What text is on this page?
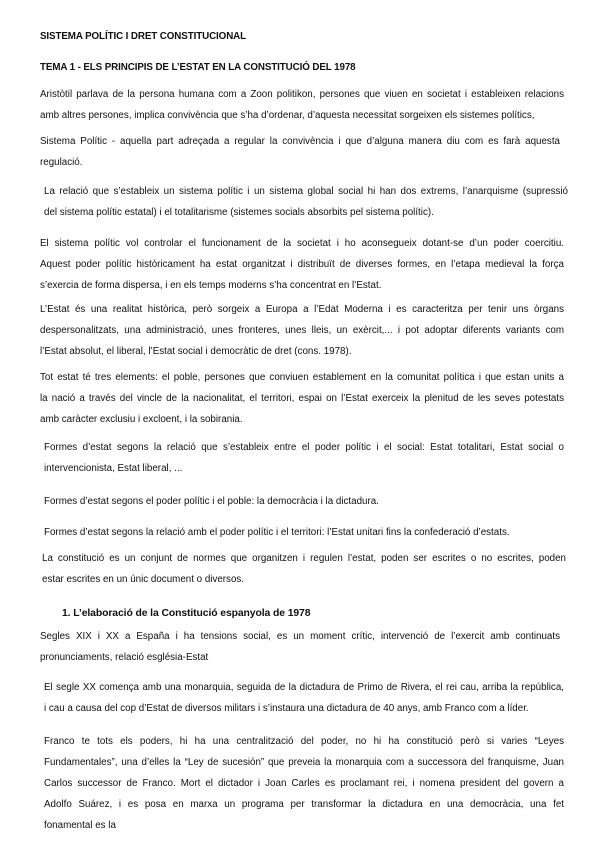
SISTEMA POLÍTIC I DRET CONSTITUCIONAL
TEMA 1 - ELS PRINCIPIS DE L’ESTAT EN LA CONSTITUCIÓ DEL 1978

Aristòtil parlava de la persona humana com a Zoon politikon, persones que viuen en societat i estableixen relacions
amb altres persones, implica convivència que s’ha d’ordenar, d’aquesta necessitat sorgeixen els sistemes polítics,

Sistema Polític - aquella part adreçada a regular la convivència i que d’alguna manera diu com es farà aquesta
regulació.

La relació que s’estableix un sistema polític i un sistema global social hi han dos extrems, l’anarquisme (supressió
del sistema polític estatal) i el totalitarisme (sistemes socials absorbits pel sistema polític).

El sistema polític vol controlar el funcionament de la societat i ho aconsegueix dotant-se d’un poder coercitiu.
Aquest poder polític històricament ha estat organitzat i distribuït de diverses formes, en l’etapa medieval la força
s’exercia de forma dispersa, i en els temps moderns s’ha concentrat en l’Estat.

L’Estat és una realitat històrica, però sorgeix a Europa a l’Edat Moderna i es caracteritza per tenir uns òrgans
despersonalitzats, una administració, unes fronteres, unes lleis, un exèrcit,... i pot adoptar diferents variants com
l’Estat absolut, el liberal, l’Estat social i democràtic de dret (cons. 1978).

Tot estat té tres elements: el poble, persones que conviuen establement en la comunitat política i que estan units a
la nació a través del vincle de la nacionalitat, el territori, espai on l’Estat exerceix la plenitud de les seves potestats
amb caràcter exclusiu i excloent, i la sobirania.

Formes d’estat segons la relació que s’estableix entre el poder polític i el social: Estat totalitari, Estat social o
intervencionista, Estat liberal, ...

Formes d’estat segons el poder polític i el poble: la democràcia i la dictadura.

Formes d’estat segons la relació amb el poder polític i el territori: l’Estat unitari fins la confederació d’estats.

La constitució es un conjunt de normes que organitzen i regulen l’estat, poden ser escrites o no escrites, poden
estar escrites en un únic document o diversos.

Segles XIX i XX a España i ha tensions social, es un moment crític, intervenció de l’exercit amb continuats
pronunciaments, relació església-Estat

El segle XX comença amb una monarquia, seguida de la dictadura de Primo de Rivera, el rei cau, arriba la república,
i cau a causa del cop d’Estat de diversos militars i s’instaura una dictadura de 40 anys, amb Franco com a líder.

Franco te tots els poders, hi ha una centralització del poder, no hi ha constitució però si varies “Leyes
Fundamentales”, una d’elles la “Ley de sucesión” que preveia la monarquia com a successora del franquisme, Juan
Carlos successor de Franco. Mort el dictador i Joan Carles es proclamant rei, i nomena president del govern a
Adolfo Suárez, i es posa en marxa un programa per transformar la dictadura en una democràcia, una fet
fonamental es la

1. L’elaboració de la Constitució espanyola de 1978
